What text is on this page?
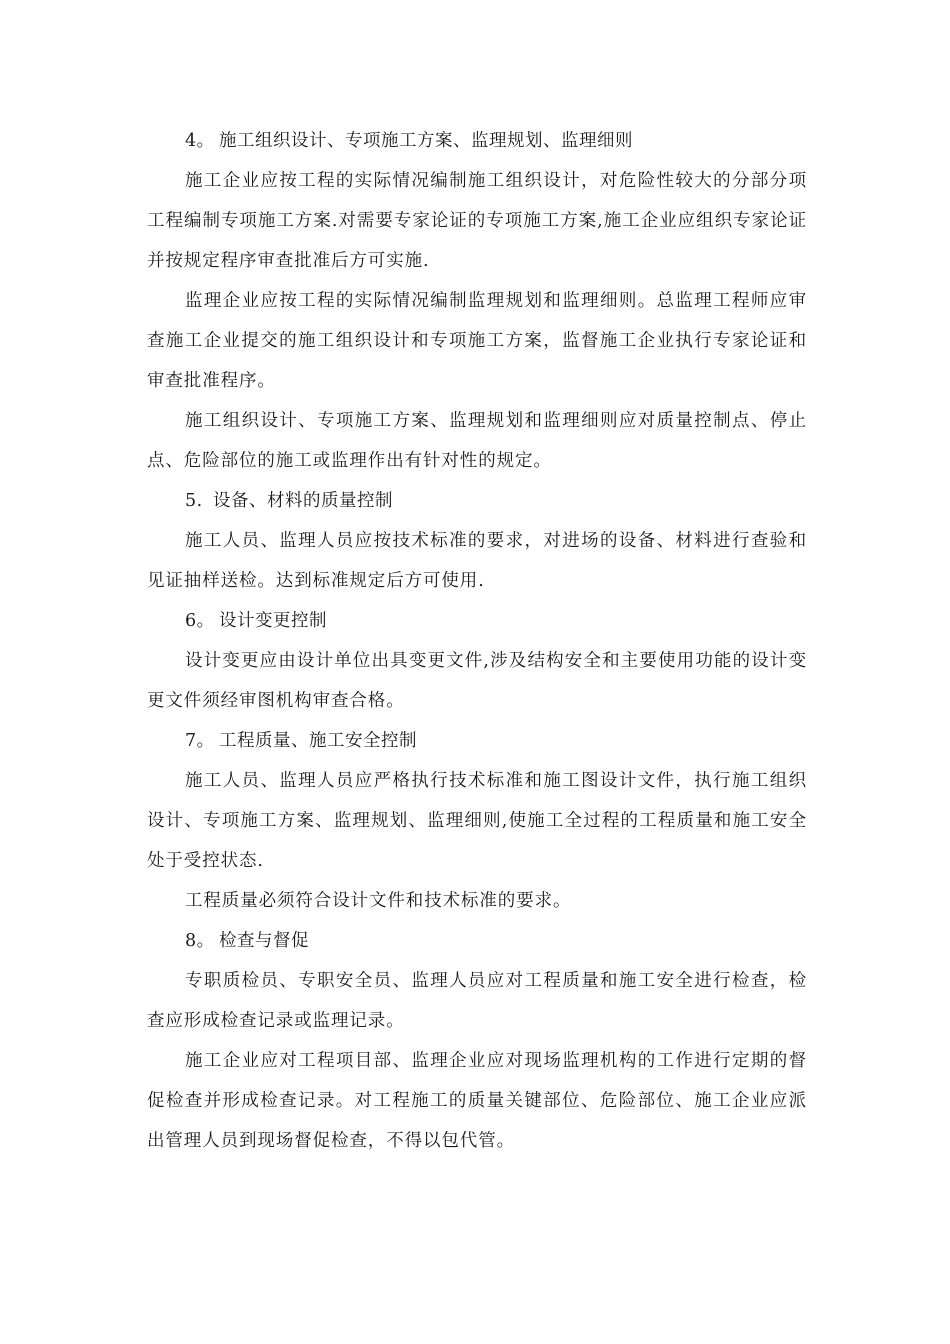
4。 施工组织设计、专项施工方案、监理规划、监理细则

施工企业应按工程的实际情况编制施工组织设计，对危险性较大的分部分项工程编制专项施工方案.对需要专家论证的专项施工方案,施工企业应组织专家论证并按规定程序审查批准后方可实施.

监理企业应按工程的实际情况编制监理规划和监理细则。总监理工程师应审查施工企业提交的施工组织设计和专项施工方案，监督施工企业执行专家论证和审查批准程序。

施工组织设计、专项施工方案、监理规划和监理细则应对质量控制点、停止点、危险部位的施工或监理作出有针对性的规定。

5. 设备、材料的质量控制

施工人员、监理人员应按技术标准的要求，对进场的设备、材料进行查验和见证抽样送检。达到标准规定后方可使用.

6。 设计变更控制

设计变更应由设计单位出具变更文件,涉及结构安全和主要使用功能的设计变更文件须经审图机构审查合格。

7。 工程质量、施工安全控制

施工人员、监理人员应严格执行技术标准和施工图设计文件，执行施工组织设计、专项施工方案、监理规划、监理细则,使施工全过程的工程质量和施工安全处于受控状态.

工程质量必须符合设计文件和技术标准的要求。

8。 检查与督促

专职质检员、专职安全员、监理人员应对工程质量和施工安全进行检查，检查应形成检查记录或监理记录。

施工企业应对工程项目部、监理企业应对现场监理机构的工作进行定期的督促检查并形成检查记录。对工程施工的质量关键部位、危险部位、施工企业应派出管理人员到现场督促检查，不得以包代管。
